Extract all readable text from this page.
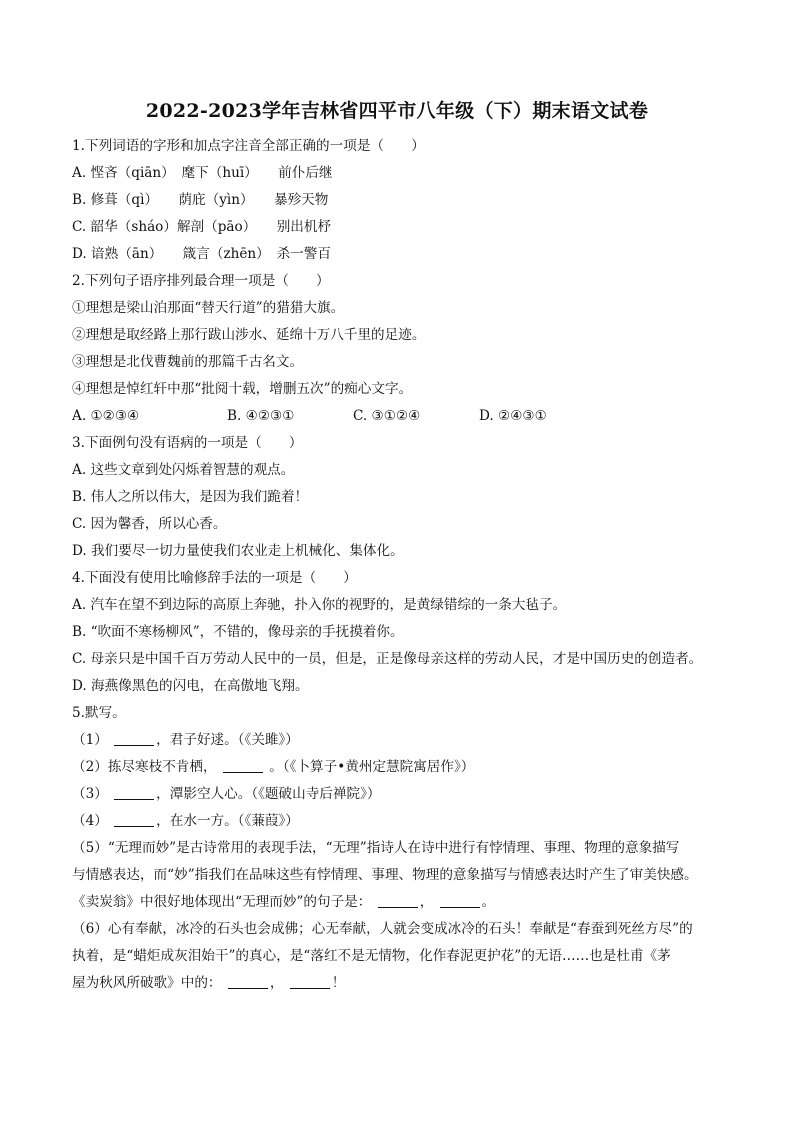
2022-2023学年吉林省四平市八年级（下）期末语文试卷
1.下列词语的字形和加点字注音全部正确的一项是（　　）
A. 悭吝（qiān）　麾下（huī）　　前仆后继
B. 修葺（qì）　　荫庇（yìn）　　暴殄天物
C. 韶华（sháo）解剖（pāo）　　别出机杼
D. 谙熟（ān）　　箴言（zhēn）　杀一警百
2.下列句子语序排列最合理一项是（　　）
①理想是梁山泊那面“替天行道”的猎猎大旗。
②理想是取经路上那行跋山涉水、延绵十万八千里的足迹。
③理想是北伐曹魏前的那篇千古名文。
④理想是悼红轩中那“批阅十载，增删五次”的痴心文字。
A. ①②③④	B. ④②③①	C. ③①②④	D. ②④③①
3.下面例句没有语病的一项是（　　）
A. 这些文章到处闪烁着智慧的观点。
B. 伟人之所以伟大，是因为我们跪着！
C. 因为馨香，所以心香。
D. 我们要尽一切力量使我们农业走上机械化、集体化。
4.下面没有使用比喻修辞手法的一项是（　　）
A. 汽车在望不到边际的高原上奔驰，扑入你的视野的，是黄绿错综的一条大毡子。
B. “吹面不寒杨柳风”，不错的，像母亲的手抚摸着你。
C. 母亲只是中国千百万劳动人民中的一员，但是，正是像母亲这样的劳动人民，才是中国历史的创造者。
D. 海燕像黑色的闪电，在高傲地飞翔。
5.默写。
（1）	，君子好逑。（《关雎》）
（2）拣尽寒枝不肯栖，	。（《卜算子•黄州定慧院寓居作》）
（3）	，潭影空人心。（《题破山寺后禅院》）
（4）	，在水一方。（《蒹葭》）
（5）“无理而妙”是古诗常用的表现手法，“无理”指诗人在诗中进行有悖情理、事理、物理的意象描写
与情感表达，而“妙”指我们在品味这些有悖情理、事理、物理的意象描写与情感表达时产生了审美快感。
《卖炭翁》中很好地体现出“无理而妙”的句子是：	，	。
（6）心有奉献，冰冷的石头也会成佛；心无奉献，人就会变成冰冷的石头！奉献是“春蚕到死丝方尽”的
执着，是“蜡炬成灰泪始干”的真心，是“落红不是无情物，化作春泥更护花”的无语……也是杜甫《茅
屋为秋风所破歌》中的：	，	！
